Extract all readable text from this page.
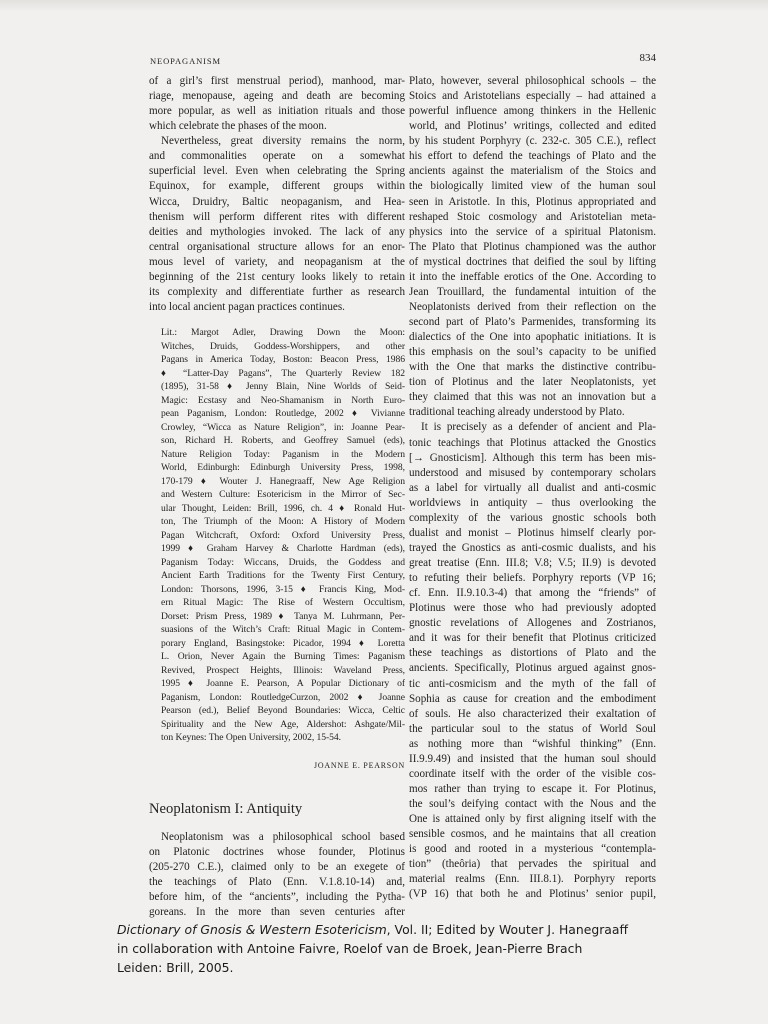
NEOPAGANISM	834
of a girl’s first menstrual period), manhood, mar-
riage, menopause, ageing and death are becoming
more popular, as well as initiation rituals and those
which celebrate the phases of the moon.
Nevertheless, great diversity remains the norm,
and commonalities operate on a somewhat
superficial level. Even when celebrating the Spring
Equinox, for example, different groups within
Wicca, Druidry, Baltic neopaganism, and Hea-
thenism will perform different rites with different
deities and mythologies invoked. The lack of any
central organisational structure allows for an enor-
mous level of variety, and neopaganism at the
beginning of the 21st century looks likely to retain
its complexity and differentiate further as research
into local ancient pagan practices continues.
Lit.: Margot Adler, Drawing Down the Moon:
Witches, Druids, Goddess-Worshippers, and other
Pagans in America Today, Boston: Beacon Press, 1986
♦ “Latter-Day Pagans”, The Quarterly Review 182
(1895), 31-58 ♦ Jenny Blain, Nine Worlds of Seid-
Magic: Ecstasy and Neo-Shamanism in North Euro-
pean Paganism, London: Routledge, 2002 ♦ Vivianne
Crowley, “Wicca as Nature Religion”, in: Joanne Pear-
son, Richard H. Roberts, and Geoffrey Samuel (eds),
Nature Religion Today: Paganism in the Modern
World, Edinburgh: Edinburgh University Press, 1998,
170-179 ♦ Wouter J. Hanegraaff, New Age Religion
and Western Culture: Esotericism in the Mirror of Sec-
ular Thought, Leiden: Brill, 1996, ch. 4 ♦ Ronald Hut-
ton, The Triumph of the Moon: A History of Modern
Pagan Witchcraft, Oxford: Oxford University Press,
1999 ♦ Graham Harvey & Charlotte Hardman (eds),
Paganism Today: Wiccans, Druids, the Goddess and
Ancient Earth Traditions for the Twenty First Century,
London: Thorsons, 1996, 3-15 ♦ Francis King, Mod-
ern Ritual Magic: The Rise of Western Occultism,
Dorset: Prism Press, 1989 ♦ Tanya M. Luhrmann, Per-
suasions of the Witch’s Craft: Ritual Magic in Contem-
porary England, Basingstoke: Picador, 1994 ♦ Loretta
L. Orion, Never Again the Burning Times: Paganism
Revived, Prospect Heights, Illinois: Waveland Press,
1995 ♦ Joanne E. Pearson, A Popular Dictionary of
Paganism, London: RoutledgeCurzon, 2002 ♦ Joanne
Pearson (ed.), Belief Beyond Boundaries: Wicca, Celtic
Spirituality and the New Age, Aldershot: Ashgate/Mil-
ton Keynes: The Open University, 2002, 15-54.
JOANNE E. PEARSON
Neoplatonism I: Antiquity
Neoplatonism was a philosophical school based
on Platonic doctrines whose founder, Plotinus
(205-270 C.E.), claimed only to be an exegete of
the teachings of Plato (Enn. V.1.8.10-14) and,
before him, of the “ancients”, including the Pytha-
goreans. In the more than seven centuries after
Plato, however, several philosophical schools – the
Stoics and Aristotelians especially – had attained a
powerful influence among thinkers in the Hellenic
world, and Plotinus’ writings, collected and edited
by his student Porphyry (c. 232-c. 305 C.E.), reflect
his effort to defend the teachings of Plato and the
ancients against the materialism of the Stoics and
the biologically limited view of the human soul
seen in Aristotle. In this, Plotinus appropriated and
reshaped Stoic cosmology and Aristotelian meta-
physics into the service of a spiritual Platonism.
The Plato that Plotinus championed was the author
of mystical doctrines that deified the soul by lifting
it into the ineffable erotics of the One. According to
Jean Trouillard, the fundamental intuition of the
Neoplatonists derived from their reflection on the
second part of Plato’s Parmenides, transforming its
dialectics of the One into apophatic initiations. It is
this emphasis on the soul’s capacity to be unified
with the One that marks the distinctive contribu-
tion of Plotinus and the later Neoplatonists, yet
they claimed that this was not an innovation but a
traditional teaching already understood by Plato.
It is precisely as a defender of ancient and Pla-
tonic teachings that Plotinus attacked the Gnostics
[→ Gnosticism]. Although this term has been mis-
understood and misused by contemporary scholars
as a label for virtually all dualist and anti-cosmic
worldviews in antiquity – thus overlooking the
complexity of the various gnostic schools both
dualist and monist – Plotinus himself clearly por-
trayed the Gnostics as anti-cosmic dualists, and his
great treatise (Enn. III.8; V.8; V.5; II.9) is devoted
to refuting their beliefs. Porphyry reports (VP 16;
cf. Enn. II.9.10.3-4) that among the “friends” of
Plotinus were those who had previously adopted
gnostic revelations of Allogenes and Zostrianos,
and it was for their benefit that Plotinus criticized
these teachings as distortions of Plato and the
ancients. Specifically, Plotinus argued against gnos-
tic anti-cosmicism and the myth of the fall of
Sophia as cause for creation and the embodiment
of souls. He also characterized their exaltation of
the particular soul to the status of World Soul
as nothing more than “wishful thinking” (Enn.
II.9.9.49) and insisted that the human soul should
coordinate itself with the order of the visible cos-
mos rather than trying to escape it. For Plotinus,
the soul’s deifying contact with the Nous and the
One is attained only by first aligning itself with the
sensible cosmos, and he maintains that all creation
is good and rooted in a mysterious “contempla-
tion” (theôria) that pervades the spiritual and
material realms (Enn. III.8.1). Porphyry reports
(VP 16) that both he and Plotinus’ senior pupil,
Dictionary of Gnosis & Western Esotericism, Vol. II; Edited by Wouter J. Hanegraaff
in collaboration with Antoine Faivre, Roelof van de Broek, Jean-Pierre Brach
Leiden: Brill, 2005.
